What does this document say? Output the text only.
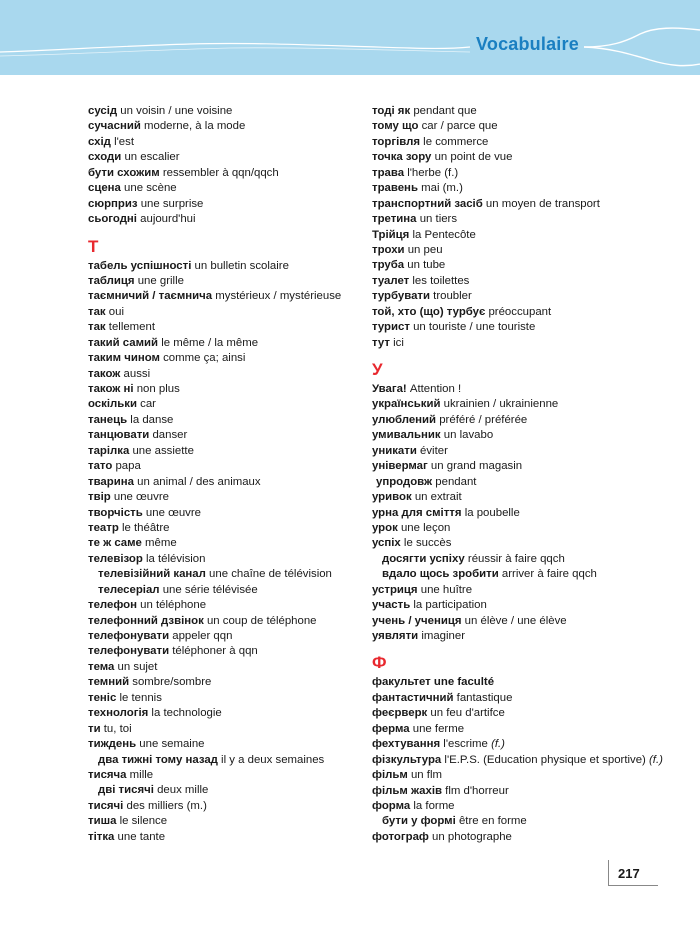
Vocabulaire
сусід un voisin / une voisine
сучасний moderne, à la mode
схід l'est
сходи un escalier
бути схожим ressembler à qqn/qqch
сцена une scène
сюрприз une surprise
сьогодні aujourd'hui
Т
табель успішності un bulletin scolaire
таблиця une grille
таємничий / таємнича mystérieux / mystérieuse
так oui
так tellement
такий самий le même / la même
таким чином comme ça; ainsi
також aussi
також ні non plus
оскільки car
танець la danse
танцювати danser
тарілка une assiette
тато papa
тварина un animal / des animaux
твір une œuvre
творчість une œuvre
театр le théâtre
те ж саме même
телевізор la télévision
телевізійний канал une chaîne de télévision
телесеріал une série télévisée
телефон un téléphone
телефонний дзвінок un coup de téléphone
телефонувати appeler qqn
телефонувати téléphoner à qqn
тема un sujet
темний sombre/sombre
теніс le tennis
технологія la technologie
ти tu, toi
тиждень une semaine
два тижні тому назад il y a deux semaines
тисяча mille
дві тисячі deux mille
тисячі des milliers (m.)
тиша le silence
тітка une tante
тоді як pendant que
тому що car / parce que
торгівля le commerce
точка зору un point de vue
трава l'herbe (f.)
травень mai (m.)
транспортний засіб un moyen de transport
третина un tiers
Трійця la Pentecôte
трохи un peu
труба un tube
туалет les toilettes
турбувати troubler
той, хто (що) турбує préoccupant
турист un touriste / une touriste
тут ici
У
Увага! Attention !
український ukrainien / ukrainienne
улюблений préféré / préférée
умивальник un lavabo
уникати éviter
універмаг un grand magasin
упродовж pendant
уривок un extrait
урна для сміття la poubelle
урок une leçon
успіх le succès
досягти успіху réussir à faire qqch
вдало щось зробити arriver à faire qqch
устриця une huître
участь la participation
учень / учениця un élève / une élève
уявляти imaginer
Ф
факультет une faculté
фантастичний fantastique
феєрверк un feu d'artifce
ферма une ferme
фехтування l'escrime (f.)
фізкультура l'E.P.S. (Education physique et sportive) (f.)
фільм un flm
фільм жахів flm d'horreur
форма la forme
бути у формі être en forme
фотограф un photographe
217
